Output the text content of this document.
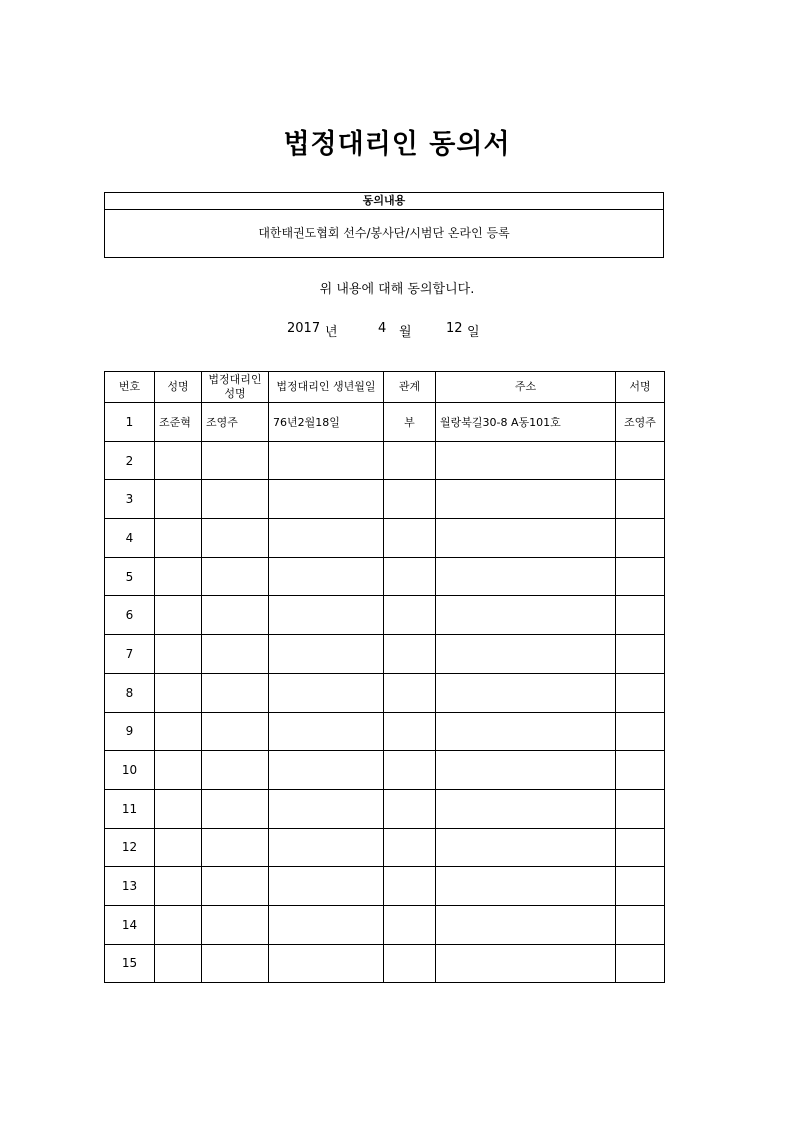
법정대리인 동의서
동의내용
대한태권도협회 선수/봉사단/시범단 온라인 등록
위 내용에 대해 동의합니다.
2017 년	4 월	12 일
번호	성명	법정대리인 성명	법정대리인 생년월일	관계	주소	서명
1	조준혁	조영주	76년2월18일	부	월랑북길30-8 A동101호	조영주
2						
3						
4						
5						
6						
7						
8						
9						
10						
11						
12						
13						
14						
15						
